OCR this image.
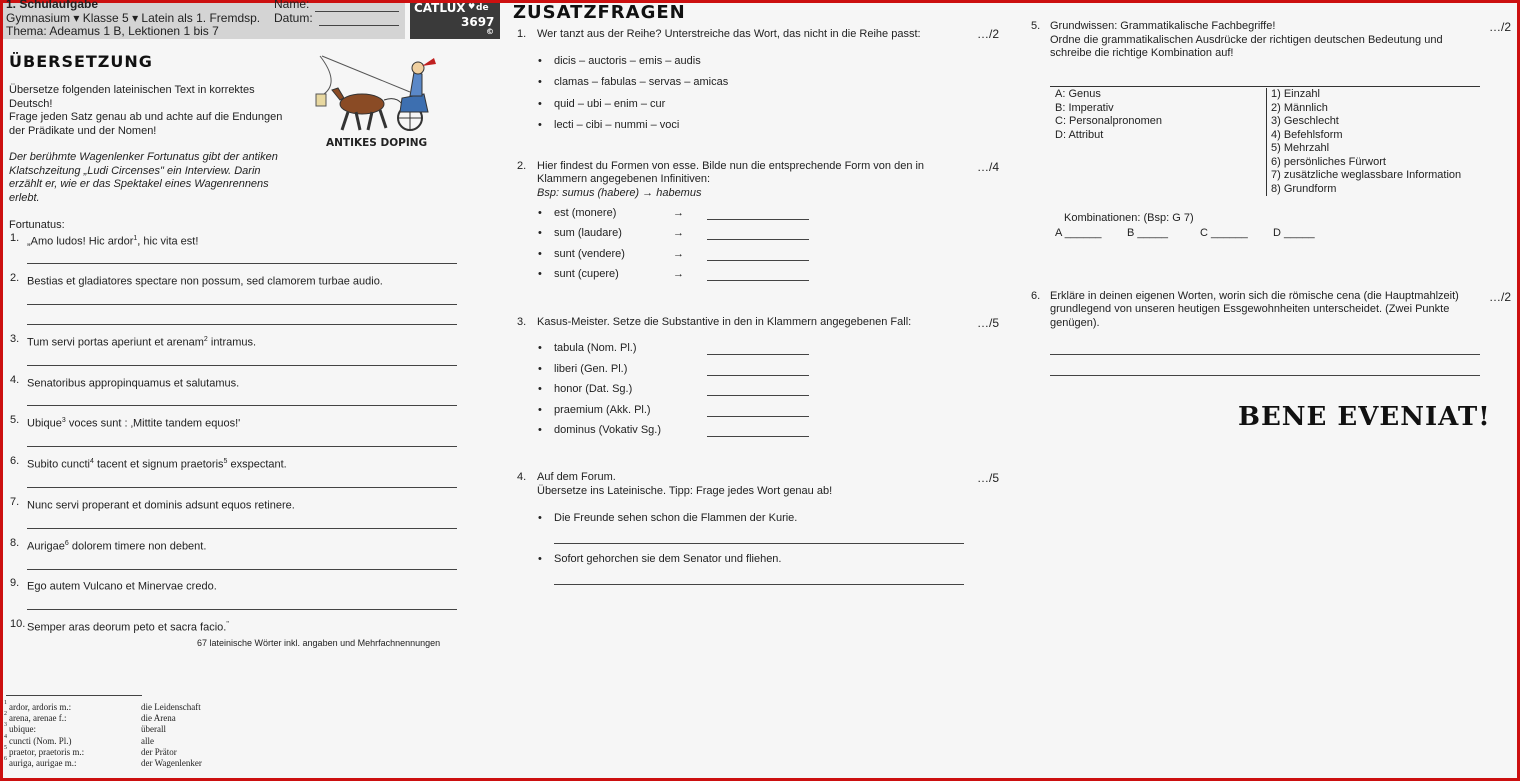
1. Schulaufgabe
Gymnasium ▾ Klasse 5 ▾ Latein als 1. Fremdsp.
Thema: Adeamus 1 B, Lektionen 1 bis 7
Name:
Datum:
CATLUX ♥ de
3697
©
ÜBERSETZUNG
Übersetze folgenden lateinischen Text in korrektes
Deutsch!
Frage jeden Satz genau ab und achte auf die Endungen
der Prädikate und der Nomen!
ANTIKES DOPING
Der berühmte Wagenlenker Fortunatus gibt der antiken
Klatschzeitung „Ludi Circenses" ein Interview. Darin
erzählt er, wie er das Spektakel eines Wagenrennens
erlebt.
Fortunatus:
1. „Amo ludos! Hic ardor$^1$, hic vita est!
2. Bestias et gladiatores spectare non possum, sed clamorem turbae audio.
3. Tum servi portas aperiunt et arenam$^2$ intramus.
4. Senatoribus appropinquamus et salutamus.
5. Ubique$^3$ voces sunt : ‚Mittite tandem equos!'
6. Subito cuncti$^4$ tacent et signum praetoris$^5$ exspectant.
7. Nunc servi properant et dominis adsunt equos retinere.
8. Aurigae$^6$ dolorem timere non debent.
9. Ego autem Vulcano et Minervae credo.
10. Semper aras deorum peto et sacra facio."
67 lateinische Wörter inkl. angaben und Mehrfachnennungen
1 ardor, ardoris m.:	die Leidenschaft
2 arena, arenae f.:	die Arena
3 ubique:	überall
4 cuncti (Nom. Pl.)	alle
5 praetor, praetoris m.:	der Prätor
6 auriga, aurigae m.:	der Wagenlenker
ZUSATZFRAGEN
1. Wer tanzt aus der Reihe? Unterstreiche das Wort, das nicht in die Reihe passt:	…/2
• dicis – auctoris – emis – audis
• clamas – fabulas – servas – amicas
• quid – ubi – enim – cur
• lecti – cibi – nummi – voci
2. Hier findest du Formen von esse. Bilde nun die entsprechende Form von den in
Klammern angegebenen Infinitiven:
Bsp: sumus (habere) → habemus
…/4
• est (monere)	→
• sum (laudare)	→
• sunt (vendere)	→
• sunt (cupere)	→
3. Kasus-Meister. Setze die Substantive in den in Klammern angegebenen Fall:	…/5
• tabula (Nom. Pl.)
• liberi (Gen. Pl.)
• honor (Dat. Sg.)
• praemium (Akk. Pl.)
• dominus (Vokativ Sg.)
4. Auf dem Forum.
Übersetze ins Lateinische. Tipp: Frage jedes Wort genau ab!
…/5
• Die Freunde sehen schon die Flammen der Kurie.
• Sofort gehorchen sie dem Senator und fliehen.
5. Grundwissen: Grammatikalische Fachbegriffe!
Ordne die grammatikalischen Ausdrücke der richtigen deutschen Bedeutung und
schreibe die richtige Kombination auf!
…/2
A: Genus
B: Imperativ
C: Personalpronomen
D: Attribut
1) Einzahl
2) Männlich
3) Geschlecht
4) Befehlsform
5) Mehrzahl
6) persönliches Fürwort
7) zusätzliche weglassbare Information
8) Grundform
Kombinationen: (Bsp: G 7)
A ______ B _____	C ______ D _____
6. Erkläre in deinen eigenen Worten, worin sich die römische cena (die Hauptmahlzeit)
grundlegend von unseren heutigen Essgewohnheiten unterscheidet. (Zwei Punkte
genügen).
…/2
BENE EVENIAT!
